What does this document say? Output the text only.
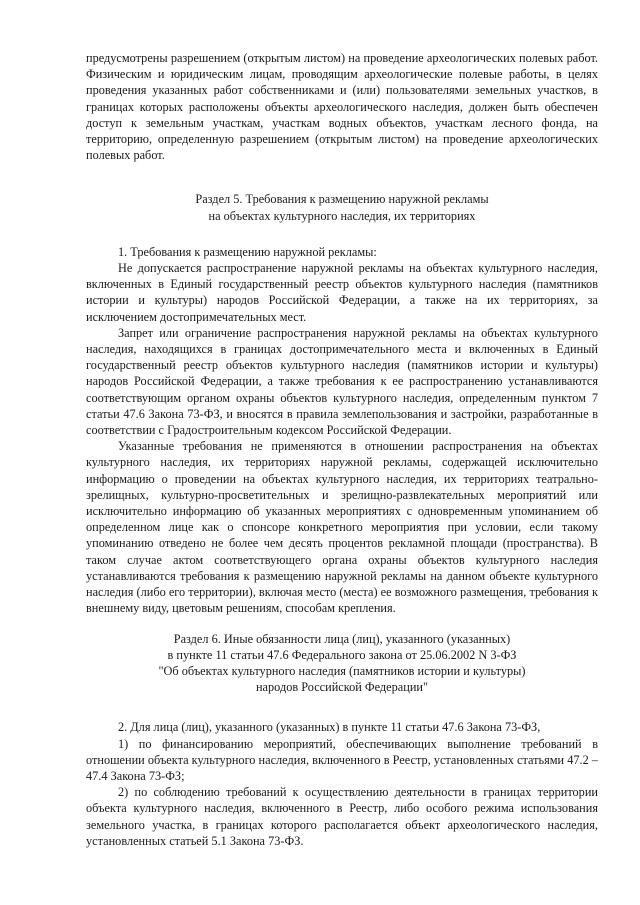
предусмотрены разрешением (открытым листом) на проведение археологических полевых работ. Физическим и юридическим лицам, проводящим археологические полевые работы, в целях проведения указанных работ собственниками и (или) пользователями земельных участков, в границах которых расположены объекты археологического наследия, должен быть обеспечен доступ к земельным участкам, участкам водных объектов, участкам лесного фонда, на территорию, определенную разрешением (открытым листом) на проведение археологических полевых работ.

Раздел 5. Требования к размещению наружной рекламы

на объектах культурного наследия, их территориях

1. Требования к размещению наружной рекламы:

Не допускается распространение наружной рекламы на объектах культурного наследия, включенных в Единый государственный реестр объектов культурного наследия (памятников истории и культуры) народов Российской Федерации, а также на их территориях, за исключением достопримечательных мест.

Запрет или ограничение распространения наружной рекламы на объектах культурного наследия, находящихся в границах достопримечательного места и включенных в Единый государственный реестр объектов культурного наследия (памятников истории и культуры) народов Российской Федерации, а также требования к ее распространению устанавливаются соответствующим органом охраны объектов культурного наследия, определенным пунктом 7 статьи 47.6 Закона 73-ФЗ, и вносятся в правила землепользования и застройки, разработанные в соответствии с Градостроительным кодексом Российской Федерации.

Указанные требования не применяются в отношении распространения на объектах культурного наследия, их территориях наружной рекламы, содержащей исключительно информацию о проведении на объектах культурного наследия, их территориях театрально-зрелищных, культурно-просветительных и зрелищно-развлекательных мероприятий или исключительно информацию об указанных мероприятиях с одновременным упоминанием об определенном лице как о спонсоре конкретного мероприятия при условии, если такому упоминанию отведено не более чем десять процентов рекламной площади (пространства). В таком случае актом соответствующего органа охраны объектов культурного наследия устанавливаются требования к размещению наружной рекламы на данном объекте культурного наследия (либо его территории), включая место (места) ее возможного размещения, требования к внешнему виду, цветовым решениям, способам крепления.

Раздел 6. Иные обязанности лица (лиц), указанного (указанных)

в пункте 11 статьи 47.6 Федерального закона от 25.06.2002 N 3-ФЗ

"Об объектах культурного наследия (памятников истории и культуры)

народов Российской Федерации"

2. Для лица (лиц), указанного (указанных) в пункте 11 статьи 47.6 Закона 73-ФЗ,

1) по финансированию мероприятий, обеспечивающих выполнение требований в отношении объекта культурного наследия, включенного в Реестр, установленных статьями 47.2 – 47.4 Закона 73-ФЗ;

2) по соблюдению требований к осуществлению деятельности в границах территории объекта культурного наследия, включенного в Реестр, либо особого режима использования земельного участка, в границах которого располагается объект археологического наследия, установленных статьей 5.1 Закона 73-ФЗ.
